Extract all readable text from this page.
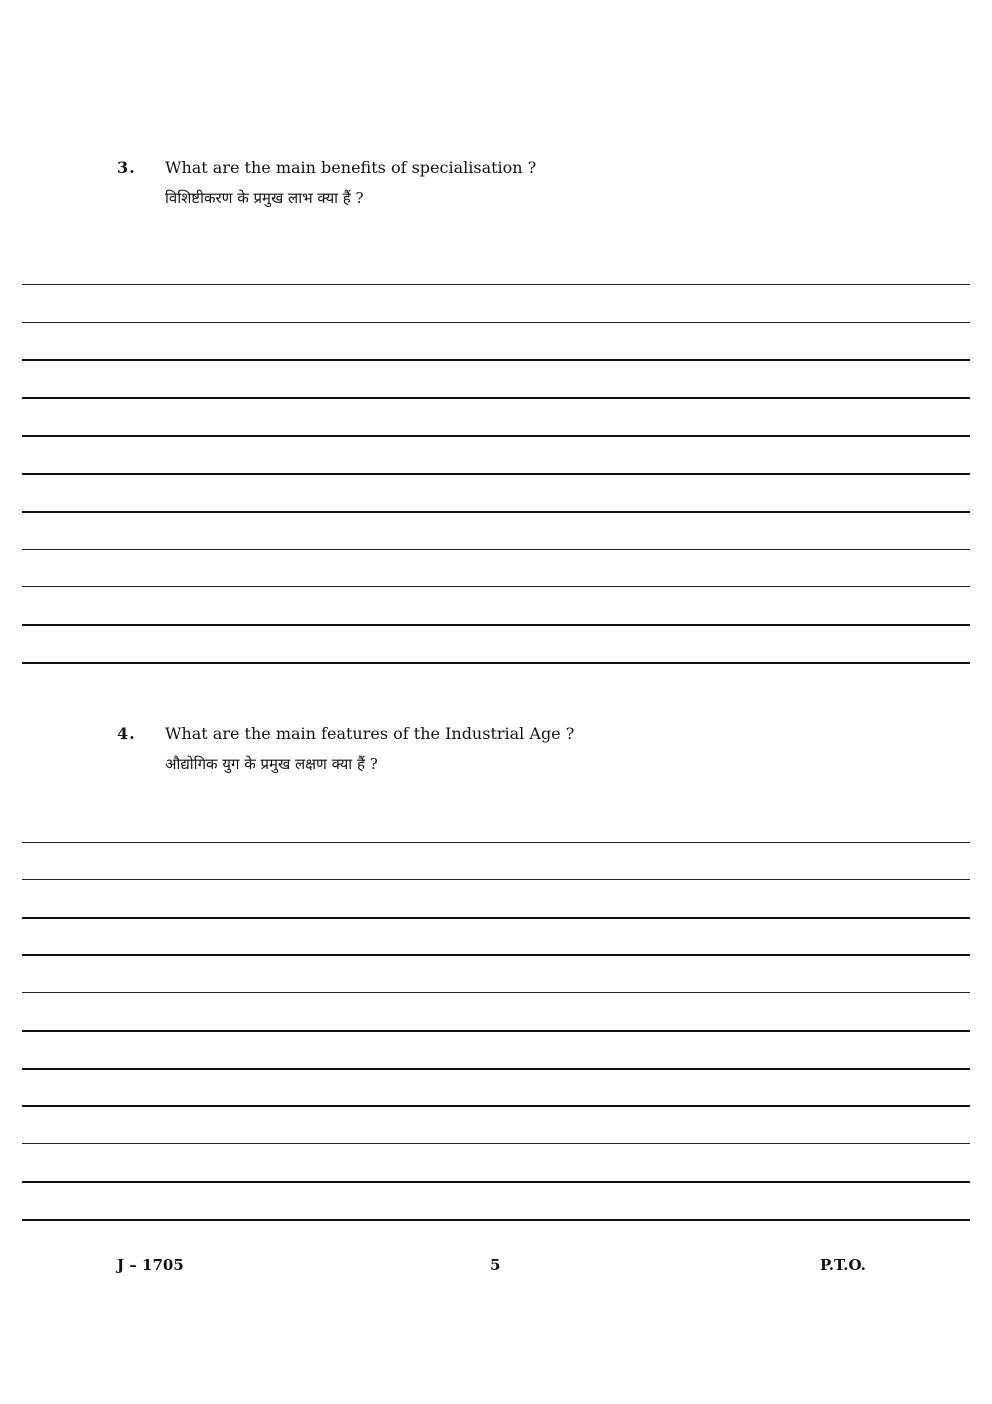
3. What are the main benefits of specialisation ?
विशिष्टीकरण के प्रमुख लाभ क्या हैं ?
4. What are the main features of the Industrial Age ?
औद्योगिक युग के प्रमुख लक्षण क्या हैं ?
J – 1705	5	P.T.O.
